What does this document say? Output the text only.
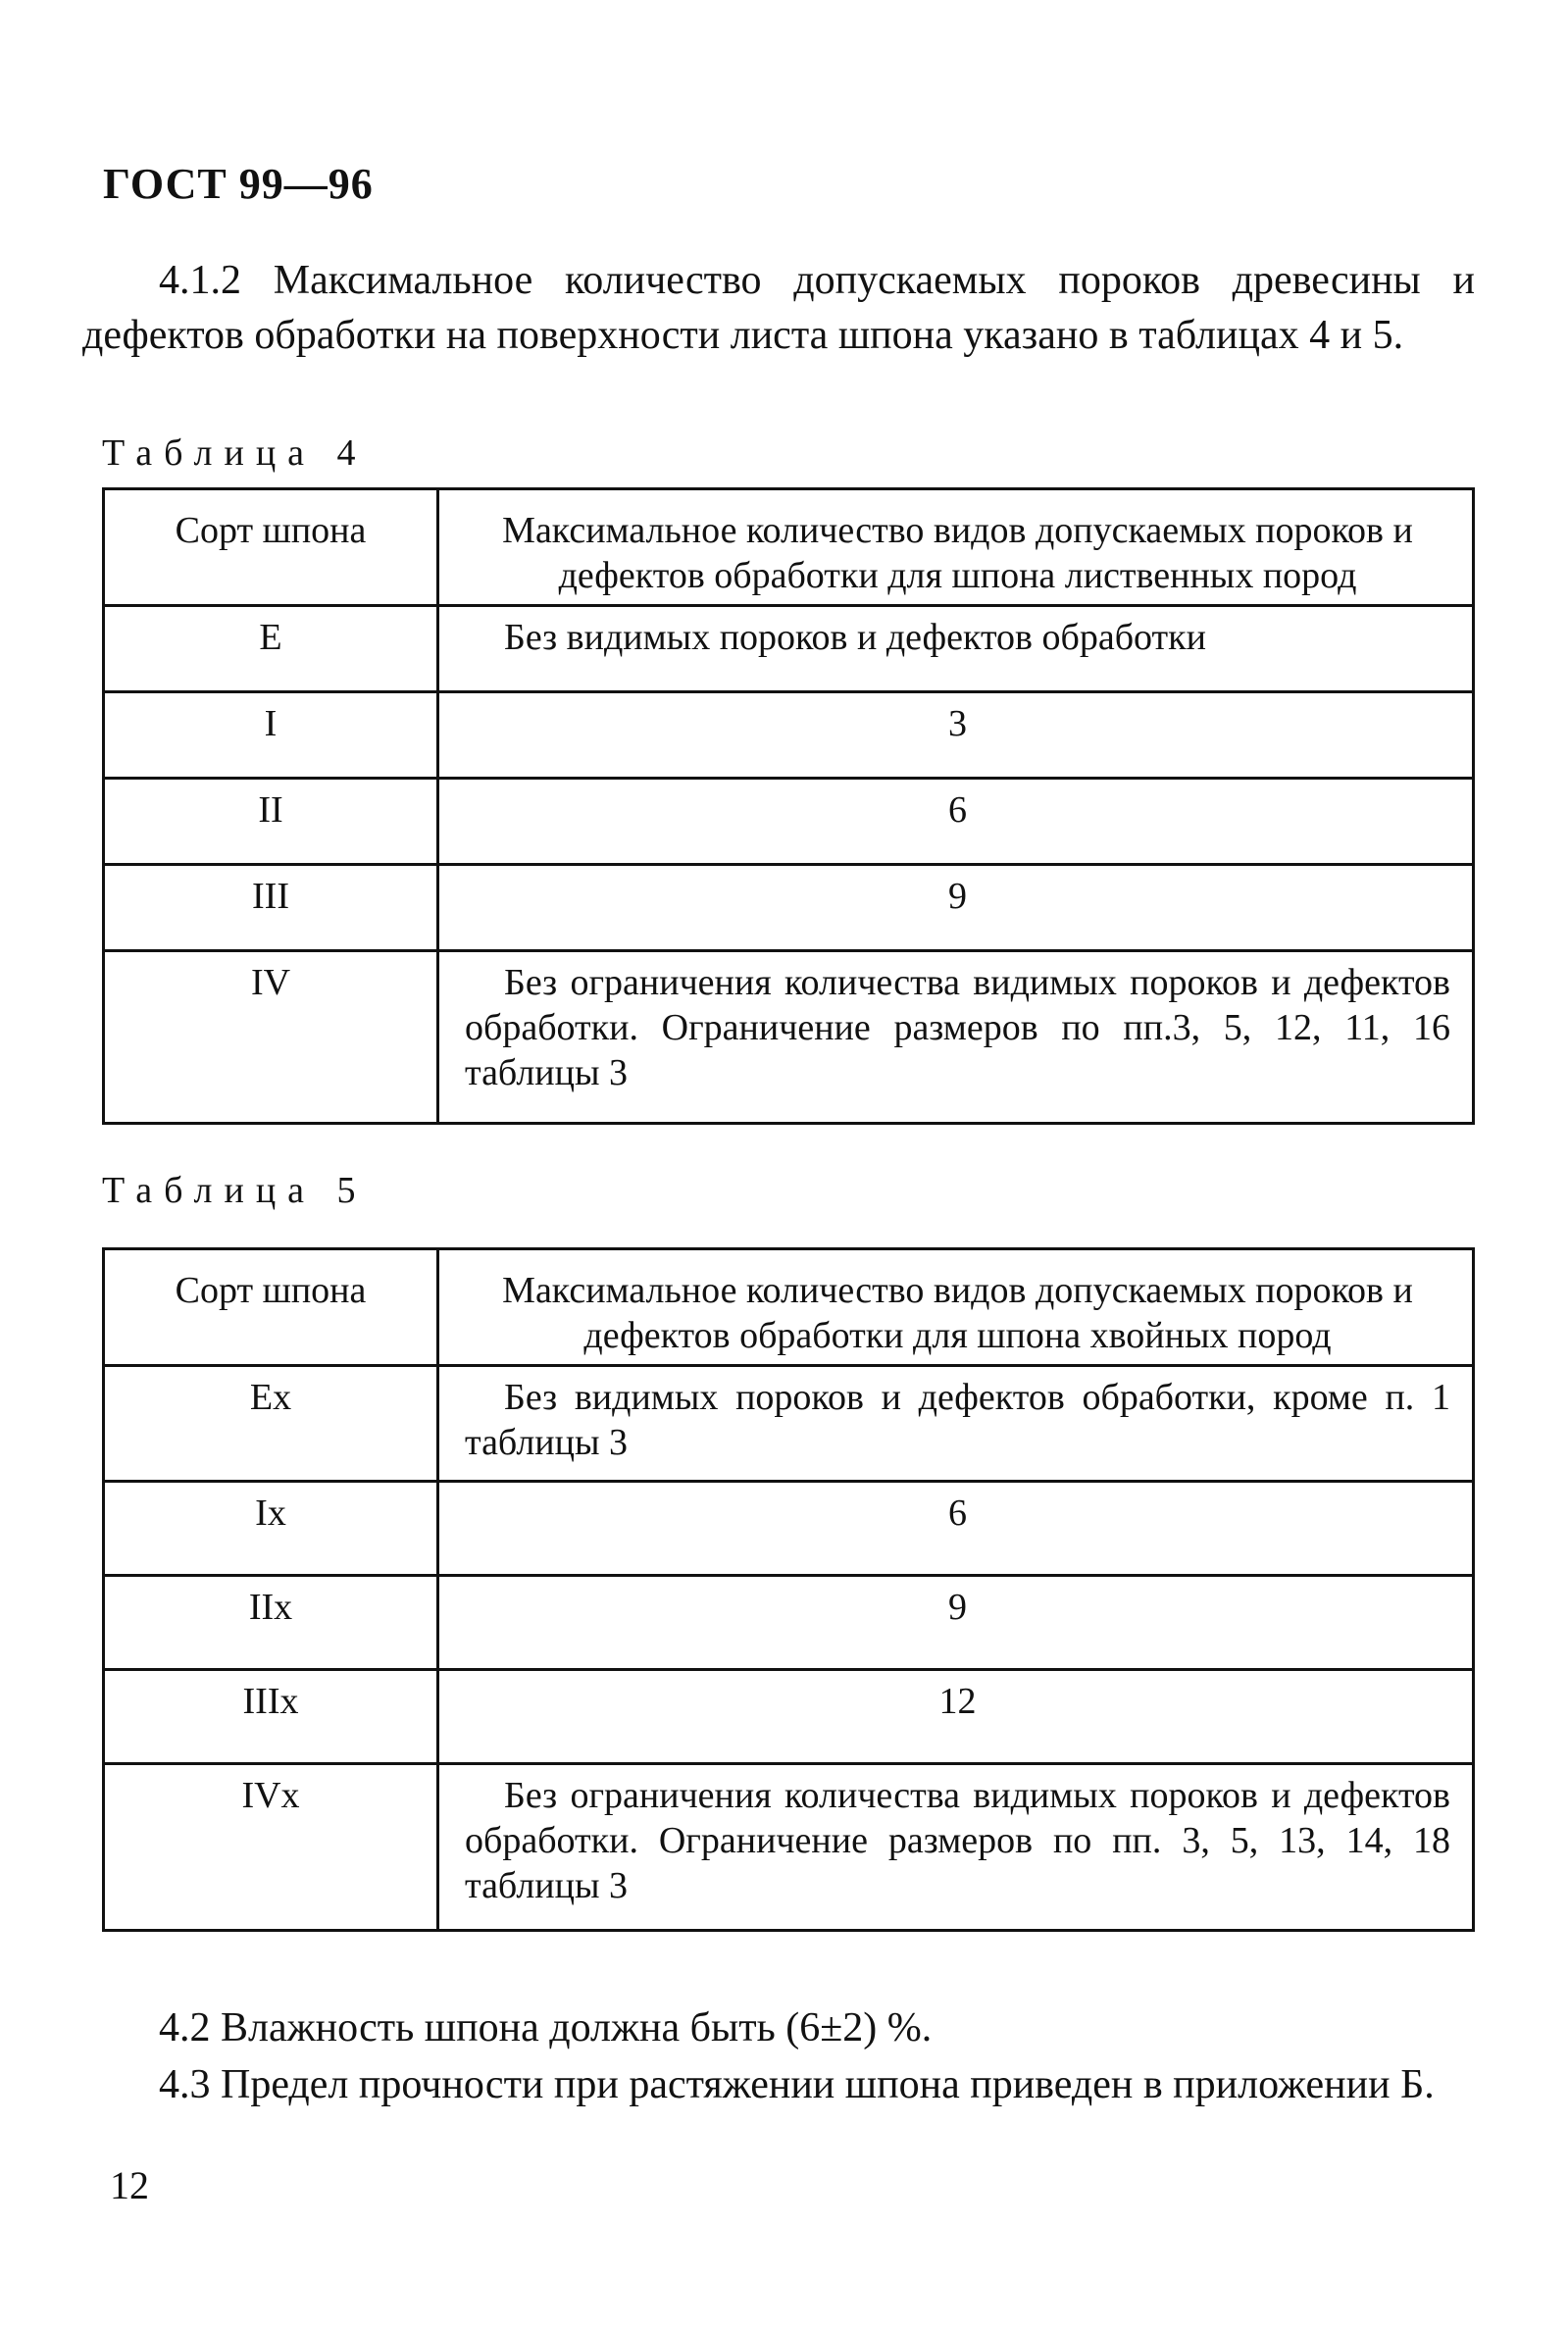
ГОСТ 99—96
4.1.2 Максимальное количество допускаемых пороков древесины и дефектов обработки на поверхности листа шпона указано в таблицах 4 и 5.
Таблица 4
Сорт шпона	Максимальное количество видов допускаемых пороков и дефектов обработки для шпона лиственных пород
Е	Без видимых пороков и дефектов обработки
I	3
II	6
III	9
IV	Без ограничения количества видимых пороков и дефектов обработки. Ограничение размеров по пп.3, 5, 12, 11, 16 таблицы 3
Таблица 5
Сорт шпона	Максимальное количество видов допускаемых пороков и дефектов обработки для шпона хвойных пород
Ех	Без видимых пороков и дефектов обработки, кроме п. 1 таблицы 3
Iх	6
IIх	9
IIIх	12
IVх	Без ограничения количества видимых пороков и дефектов обработки. Ограничение размеров по пп. 3, 5, 13, 14, 18 таблицы 3
4.2 Влажность шпона должна быть (6±2) %.
4.3 Предел прочности при растяжении шпона приведен в приложении Б.
12
